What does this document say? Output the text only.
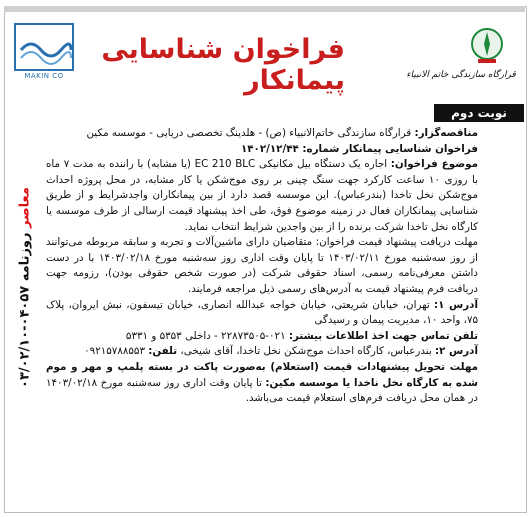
MAKIN CO
فراخوان شناسایی پیمانکار	قرارگاه سازندگی خاتم الانبیاء
نوبت دوم

مناقصه‌گزار: قرارگاه سازندگی خاتم‌الانبیاء (ص) - هلدینگ تخصصی دریایی - موسسه مکین

فراخوان شناسایی پیمانکار شماره: ۱۴۰۲/۱۲/۴۴

موضوع فراخوان: اجاره یک دستگاه بیل مکانیکی EC 210 BLC (یا مشابه) با راننده به مدت ۷ ماه با روزی ۱۰ ساعت کارکرد جهت سنگ چینی بر روی موج‌شکن یا کار مشابه، در محل پروژه احداث موج‌شکن نخل تاخدا (بندرعباس). این موسسه قصد دارد از بین پیمانکاران واجدشرایط و از طریق شناسایی پیمانکاران فعال در زمینه موضوع فوق، طی اخذ پیشنهاد قیمت ارسالی از طرف موسسه یا کارگاه نخل تاخدا شرکت برنده را از بین واجدین شرایط انتخاب نماید.

مهلت دریافت پیشنهاد قیمت فراخوان: متقاضیان دارای ماشین‌آلات و تجربه و سابقه مربوطه می‌توانند از روز سه‌شنبه مورخ ۱۴۰۳/۰۲/۱۱ تا پایان وقت اداری روز سه‌شنبه مورخ ۱۴۰۳/۰۲/۱۸ با در دست داشتن معرفی‌نامه رسمی، اسناد حقوقی شرکت (در صورت شخص حقوقی بودن)، رزومه جهت دریافت فرم پیشنهاد قیمت به آدرس‌های رسمی ذیل مراجعه فرمایند.

آدرس ۱: تهران، خیابان شریعتی، خیابان خواجه عبدالله انصاری، خیابان تیسفون، نبش ایروان، پلاک ۷۵، واحد ۱۰، مدیریت پیمان و رسیدگی

تلفن تماس جهت اخذ اطلاعات بیشتر: ۰۲۱-۲۲۸۷۳۵۰۵ - داخلی ۵۳۵۳ و ۵۳۳۱

آدرس ۲: بندرعباس، کارگاه احداث موج‌شکن نخل تاخدا، آقای شیخی، تلفن: ۰۹۲۱۵۷۸۸۵۵۳

مهلت تحویل پیشنهادات قیمت (استعلام) به‌صورت پاکت در بسته پلمپ و مهر و موم شده به کارگاه نخل ناخدا یا موسسه مکین: تا پایان وقت اداری روز سه‌شنبه مورخ ۱۴۰۳/۰۲/۱۸ در همان محل دریافت فرم‌های استعلام قیمت می‌باشد.

۰۳/۰۲/۱۰-۰۴۰۵۷ معاصر روزنامه
